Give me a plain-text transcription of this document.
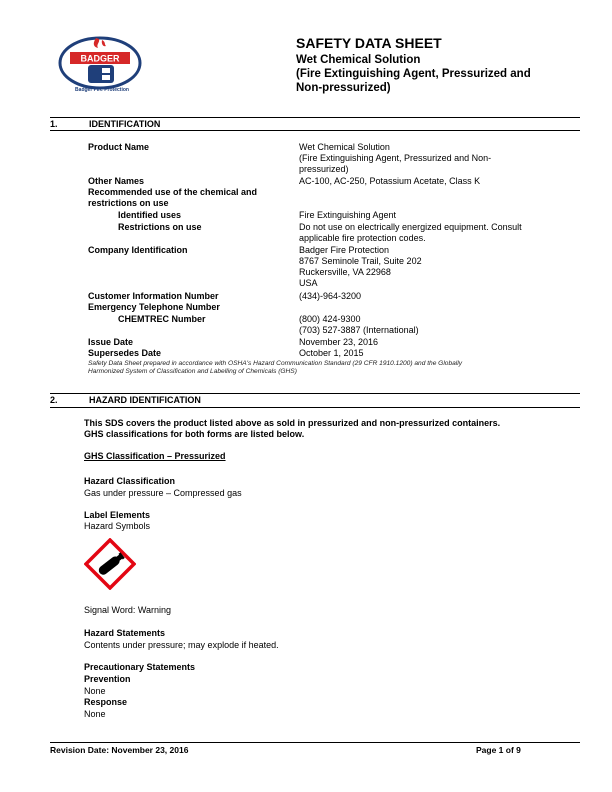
BADGER
Badger Fire Protection
SAFETY DATA SHEET
Wet Chemical Solution
(Fire Extinguishing Agent, Pressurized and
Non-pressurized)
1.	IDENTIFICATION
Product Name	Wet Chemical Solution
(Fire Extinguishing Agent, Pressurized and Non-
pressurized)
Other Names	AC-100, AC-250, Potassium Acetate, Class K
Recommended use of the chemical and
restrictions on use
Identified uses	Fire Extinguishing Agent
Restrictions on use	Do not use on electrically energized equipment. Consult
applicable fire protection codes.
Company Identification	Badger Fire Protection
8767 Seminole Trail, Suite 202
Ruckersville, VA 22968
USA
Customer Information Number	(434)-964-3200
Emergency Telephone Number
CHEMTREC Number	(800) 424-9300
(703) 527-3887 (International)
Issue Date	November 23, 2016
Supersedes Date	October 1, 2015
Safety Data Sheet prepared in accordance with OSHA's Hazard Communication Standard (29 CFR 1910.1200) and the Globally
Harmonized System of Classification and Labelling of Chemicals (GHS)
2.	HAZARD IDENTIFICATION
This SDS covers the product listed above as sold in pressurized and non-pressurized containers.
GHS classifications for both forms are listed below.
GHS Classification – Pressurized
Hazard Classification
Gas under pressure – Compressed gas
Label Elements
Hazard Symbols
Signal Word: Warning
Hazard Statements
Contents under pressure; may explode if heated.
Precautionary Statements
Prevention
None
Response
None
Revision Date: November 23, 2016	Page 1 of 9
